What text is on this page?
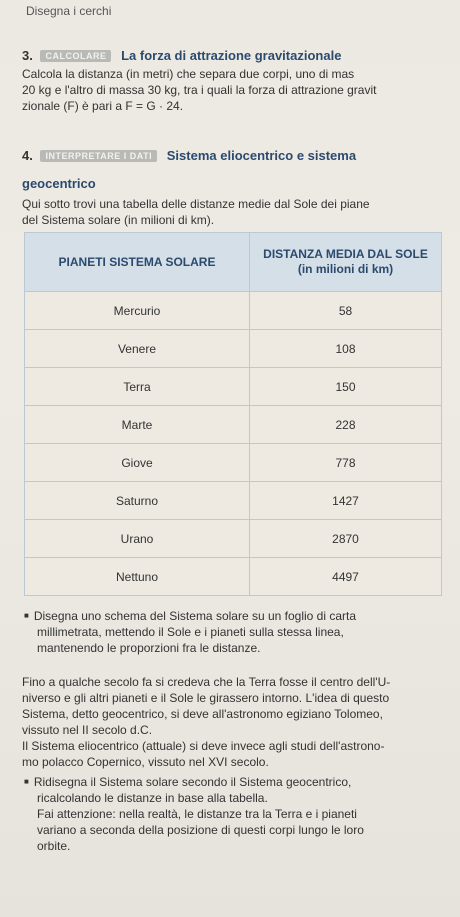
Disegna i cerchi
3. CALCOLARE La forza di attrazione gravitazionale
Calcola la distanza (in metri) che separa due corpi, uno di mas
20 kg e l'altro di massa 30 kg, tra i quali la forza di attrazione gravit
zionale (F) è pari a F = G · 24.
4. INTERPRETARE I DATI Sistema eliocentrico e sistema
geocentrico
Qui sotto trovi una tabella delle distanze medie dal Sole dei piane
del Sistema solare (in milioni di km).
PIANETI SISTEMA SOLARE	DISTANZA MEDIA DAL SOLE
(in milioni di km)
Mercurio	58
Venere	108
Terra	150
Marte	228
Giove	778
Saturno	1427
Urano	2870
Nettuno	4497
■ Disegna uno schema del Sistema solare su un foglio di carta
millimetrata, mettendo il Sole e i pianeti sulla stessa linea,
mantenendo le proporzioni fra le distanze.
Fino a qualche secolo fa si credeva che la Terra fosse il centro dell'U-
niverso e gli altri pianeti e il Sole le girassero intorno. L'idea di questo
Sistema, detto geocentrico, si deve all'astronomo egiziano Tolomeo,
vissuto nel II secolo d.C.
Il Sistema eliocentrico (attuale) si deve invece agli studi dell'astrono-
mo polacco Copernico, vissuto nel XVI secolo.
■ Ridisegna il Sistema solare secondo il Sistema geocentrico,
ricalcolando le distanze in base alla tabella.
Fai attenzione: nella realtà, le distanze tra la Terra e i pianeti
variano a seconda della posizione di questi corpi lungo le loro
orbite.
